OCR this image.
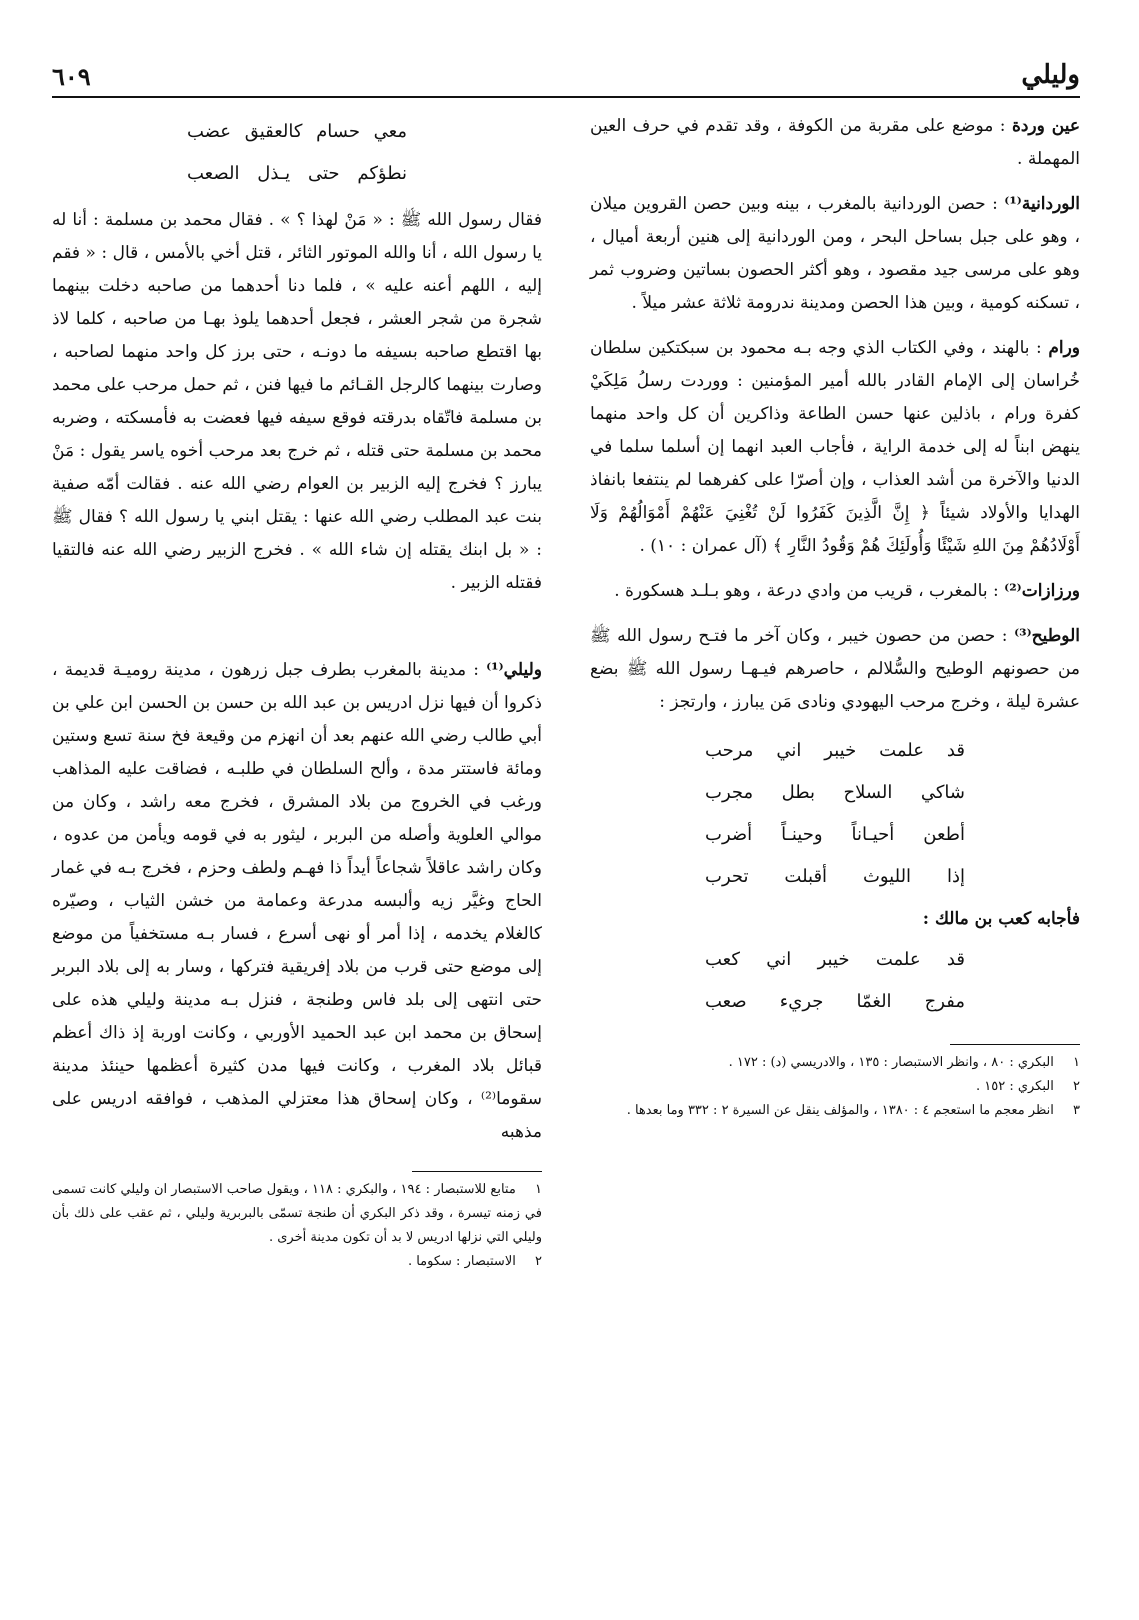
وليلي
٦٠٩

عين وردة : موضع على مقربة من الكوفة ، وقد تقدم في حرف العين المهملة .

الوردانية⁽¹⁾ : حصن الوردانية بالمغرب ، بينه وبين حصن القروين ميلان ، وهو على جبل بساحل البحر ، ومن الوردانية إلى هنين أربعة أميال ، وهو على مرسى جيد مقصود ، وهو أكثر الحصون بساتين وضروب ثمر ، تسكنه كومية ، وبين هذا الحصن ومدينة ندرومة ثلاثة عشر ميلاً .

ورام : بالهند ، وفي الكتاب الذي وجه بـه محمود بن سبكتكين سلطان خُراسان إلى الإمام القادر بالله أمير المؤمنين : ووردت رسلُ مَلِكَيْ كفرة ورام ، باذلين عنها حسن الطاعة وذاكرين أن كل واحد منهما ينهض ابناً له إلى خدمة الراية ، فأجاب العبد انهما إن أسلما سلما في الدنيا والآخرة من أشد العذاب ، وإن أصرّا على كفرهما لم ينتفعا بانفاذ الهدايا والأولاد شيئاً ﴿ إِنَّ الَّذِينَ كَفَرُوا لَنْ تُغْنِيَ عَنْهُمْ أَمْوَالُهُمْ وَلَا أَوْلَادُهُمْ مِنَ اللهِ شَيْئًا وَأُولَئِكَ هُمْ وَقُودُ النَّارِ ﴾ (آل عمران : ١٠) .

ورزازات⁽²⁾ : بالمغرب ، قريب من وادي درعة ، وهو بـلـد هسكورة .

الوطيح⁽³⁾ : حصن من حصون خيبر ، وكان آخر ما فتـح رسول الله ﷺ من حصونهم الوطيح والسُّلالم ، حاصرهم فيـهـا رسول الله ﷺ بضع عشرة ليلة ، وخرج مرحب اليهودي ونادى مَن يبارز ، وارتجز :

قد علمت خيبر اني مرحب
شاكي السلاح بطل مجرب
أطعن أحيـاناً وحينـاً أضرب
إذا الليوث أقبلت تحرب

فأجابه كعب بن مالك :

قد علمت خيبر اني كعب
مفرج الغمّا جريء صعب

١ البكري : ٨٠ ، وانظر الاستبصار : ١٣٥ ، والادريسي (د) : ١٧٢ .

٢ البكري : ١٥٢ .

٣ انظر معجم ما استعجم ٤ : ١٣٨٠ ، والمؤلف ينقل عن السيرة ٢ : ٣٣٢ وما بعدها .

معي حسام كالعقيق عضب
نطؤكم حتى يـذل الصعب

فقال رسول الله ﷺ : « مَنْ لهذا ؟ » . فقال محمد بن مسلمة : أنا له يا رسول الله ، أنا والله الموتور الثائر ، قتل أخي بالأمس ، قال : « فقم إليه ، اللهم أعنه عليه » ، فلما دنا أحدهما من صاحبه دخلت بينهما شجرة من شجر العشر ، فجعل أحدهما يلوذ بهـا من صاحبه ، كلما لاذ بها اقتطع صاحبه بسيفه ما دونـه ، حتى برز كل واحد منهما لصاحبه ، وصارت بينهما كالرجل القـائم ما فيها فنن ، ثم حمل مرحب على محمد بن مسلمة فاتّقاه بدرقته فوقع سيفه فيها فعضت به فأمسكته ، وضربه محمد بن مسلمة حتى قتله ، ثم خرج بعد مرحب أخوه ياسر يقول : مَنْ يبارز ؟ فخرج إليه الزبير بن العوام رضي الله عنه . فقالت أمّه صفية بنت عبد المطلب رضي الله عنها : يقتل ابني يا رسول الله ؟ فقال ﷺ : « بل ابنك يقتله إن شاء الله » . فخرج الزبير رضي الله عنه فالتقيا فقتله الزبير .

وليلي⁽¹⁾ : مدينة بالمغرب بطرف جبل زرهون ، مدينة روميـة قديمة ، ذكروا أن فيها نزل ادريس بن عبد الله بن حسن بن الحسن ابن علي بن أبي طالب رضي الله عنهم بعد أن انهزم من وقيعة فخ سنة تسع وستين ومائة فاستتر مدة ، وألح السلطان في طلبـه ، فضاقت عليه المذاهب ورغب في الخروج من بلاد المشرق ، فخرج معه راشد ، وكان من موالي العلوية وأصله من البربر ، ليثور به في قومه ويأمن من عدوه ، وكان راشد عاقلاً شجاعاً أيداً ذا فهـم ولطف وحزم ، فخرج بـه في غمار الحاج وغيَّر زيه وألبسه مدرعة وعمامة من خشن الثياب ، وصيّره كالغلام يخدمه ، إذا أمر أو نهى أسرع ، فسار بـه مستخفياً من موضع إلى موضع حتى قرب من بلاد إفريقية فتركها ، وسار به إلى بلاد البربر حتى انتهى إلى بلد فاس وطنجة ، فنزل بـه مدينة وليلي هذه على إسحاق بن محمد ابن عبد الحميد الأوربي ، وكانت اوربة إذ ذاك أعظم قبائل بلاد المغرب ، وكانت فيها مدن كثيرة أعظمها حينئذ مدينة سقوما⁽²⁾ ، وكان إسحاق هذا معتزلي المذهب ، فوافقه ادريس على مذهبه

١ متابع للاستبصار : ١٩٤ ، والبكري : ١١٨ ، ويقول صاحب الاستبصار ان وليلي كانت تسمى في زمنه تيسرة ، وقد ذكر البكري أن طنجة تسمّى بالبربرية وليلي ، ثم عقب على ذلك بأن وليلي التي نزلها ادريس لا بد أن تكون مدينة أخرى .

٢ الاستبصار : سكوما .
